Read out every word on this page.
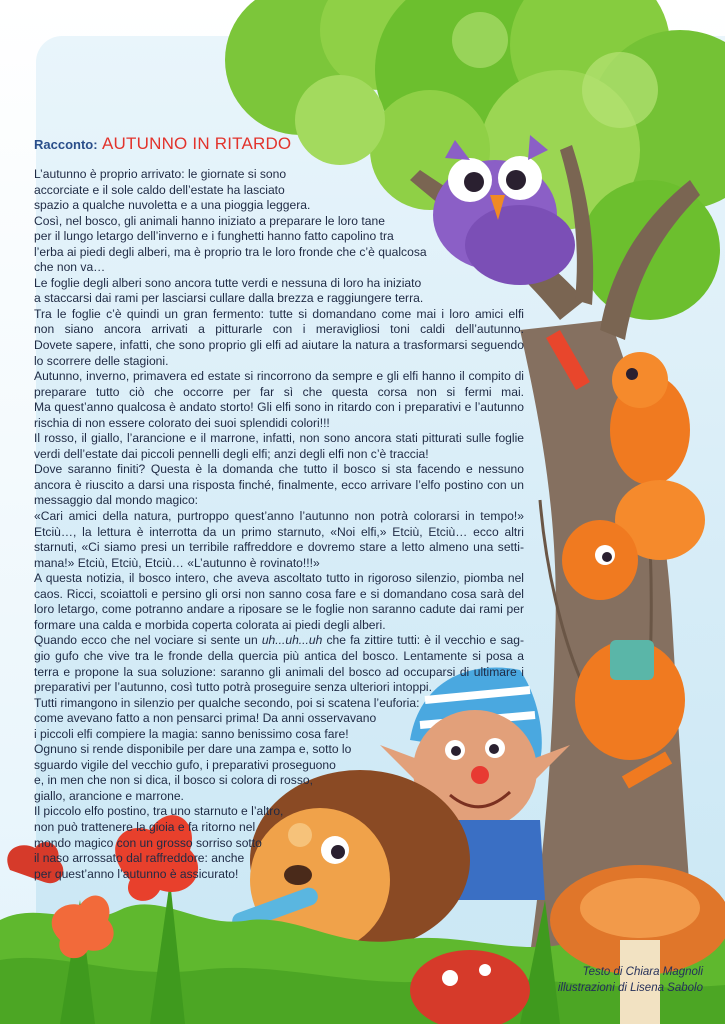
Racconto: AUTUNNO IN RITARDO
L’autunno è proprio arrivato: le giornate si sono
accorciate e il sole caldo dell’estate ha lasciato
spazio a qualche nuvoletta e a una pioggia leggera.
Così, nel bosco, gli animali hanno iniziato a preparare le loro tane
per il lungo letargo dell’inverno e i funghetti hanno fatto capolino tra
l’erba ai piedi degli alberi, ma è proprio tra le loro fronde che c’è qualcosa
che non va…
Le foglie degli alberi sono ancora tutte verdi e nessuna di loro ha iniziato
a staccarsi dai rami per lasciarsi cullare dalla brezza e raggiungere terra.
Tra le foglie c’è quindi un gran fermento: tutte si domandano come mai i loro amici elfi
non siano ancora arrivati a pitturarle con i meravigliosi toni caldi dell’autunno.
Dovete sapere, infatti, che sono proprio gli elfi ad aiutare la natura a trasformarsi seguendo
lo scorrere delle stagioni.
Autunno, inverno, primavera ed estate si rincorrono da sempre e gli elfi hanno il compito di
preparare tutto ciò che occorre per far sì che questa corsa non si fermi mai.
Ma quest’anno qualcosa è andato storto! Gli elfi sono in ritardo con i preparativi e l’autunno
rischia di non essere colorato dei suoi splendidi colori!!!
Il rosso, il giallo, l’arancione e il marrone, infatti, non sono ancora stati pitturati sulle foglie
verdi dell’estate dai piccoli pennelli degli elfi; anzi degli elfi non c’è traccia!
Dove saranno finiti? Questa è la domanda che tutto il bosco si sta facendo e nessuno
ancora è riuscito a darsi una risposta finché, finalmente, ecco arrivare l’elfo postino con un
messaggio dal mondo magico:
«Cari amici della natura, purtroppo quest’anno l’autunno non potrà colorarsi in tempo!»
Etciù…, la lettura è interrotta da un primo starnuto, «Noi elfi,» Etciù, Etciù… ecco altri
starnuti, «Ci siamo presi un terribile raffreddore e dovremo stare a letto almeno una setti-
mana!» Etciù, Etciù, Etciù… «L’autunno è rovinato!!!»
A questa notizia, il bosco intero, che aveva ascoltato tutto in rigoroso silenzio, piomba nel
caos. Ricci, scoiattoli e persino gli orsi non sanno cosa fare e si domandano cosa sarà del
loro letargo, come potranno andare a riposare se le foglie non saranno cadute dai rami per
formare una calda e morbida coperta colorata ai piedi degli alberi.
Quando ecco che nel vociare si sente un uh...uh...uh che fa zittire tutti: è il vecchio e sag-
gio gufo che vive tra le fronde della quercia più antica del bosco. Lentamente si posa a
terra e propone la sua soluzione: saranno gli animali del bosco ad occuparsi di ultimare i
preparativi per l’autunno, così tutto potrà proseguire senza ulteriori intoppi.
Tutti rimangono in silenzio per qualche secondo, poi si scatena l’euforia:
come avevano fatto a non pensarci prima! Da anni osservavano
i piccoli elfi compiere la magia: sanno benissimo cosa fare!
Ognuno si rende disponibile per dare una zampa e, sotto lo
sguardo vigile del vecchio gufo, i preparativi proseguono
e, in men che non si dica, il bosco si colora di rosso,
giallo, arancione e marrone.
Il piccolo elfo postino, tra uno starnuto e l’altro,
non può trattenere la gioia e fa ritorno nel
mondo magico con un grosso sorriso sotto
il naso arrossato dal raffreddore: anche
per quest’anno l’autunno è assicurato!
Testo di Chiara Magnoli
illustrazioni di Lisena Sabolo
